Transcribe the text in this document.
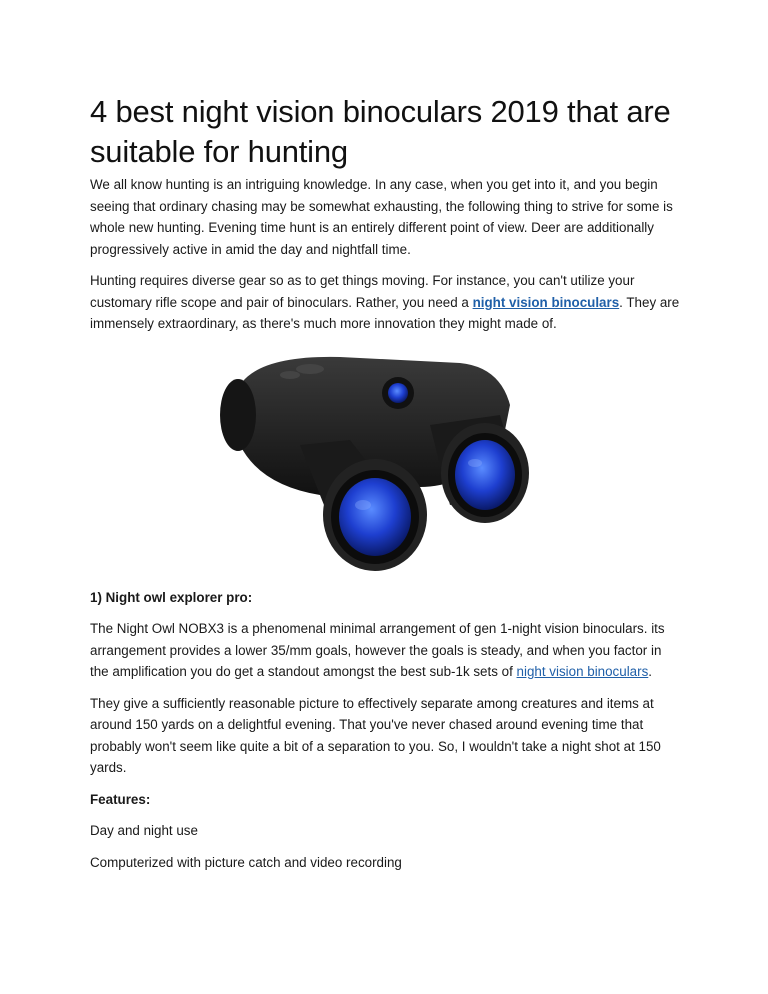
4 best night vision binoculars 2019 that are suitable for hunting

We all know hunting is an intriguing knowledge. In any case, when you get into it, and you begin seeing that ordinary chasing may be somewhat exhausting, the following thing to strive for some is whole new hunting. Evening time hunt is an entirely different point of view. Deer are additionally progressively active in amid the day and nightfall time.

Hunting requires diverse gear so as to get things moving. For instance, you can't utilize your customary rifle scope and pair of binoculars. Rather, you need a night vision binoculars. They are immensely extraordinary, as there's much more innovation they might made of.

1) Night owl explorer pro:

The Night Owl NOBX3 is a phenomenal minimal arrangement of gen 1-night vision binoculars. its arrangement provides a lower 35/mm goals, however the goals is steady, and when you factor in the amplification you do get a standout amongst the best sub-1k sets of night vision binoculars.

They give a sufficiently reasonable picture to effectively separate among creatures and items at around 150 yards on a delightful evening. That you've never chased around evening time that probably won't seem like quite a bit of a separation to you. So, I wouldn't take a night shot at 150 yards.

Features:

Day and night use

Computerized with picture catch and video recording
